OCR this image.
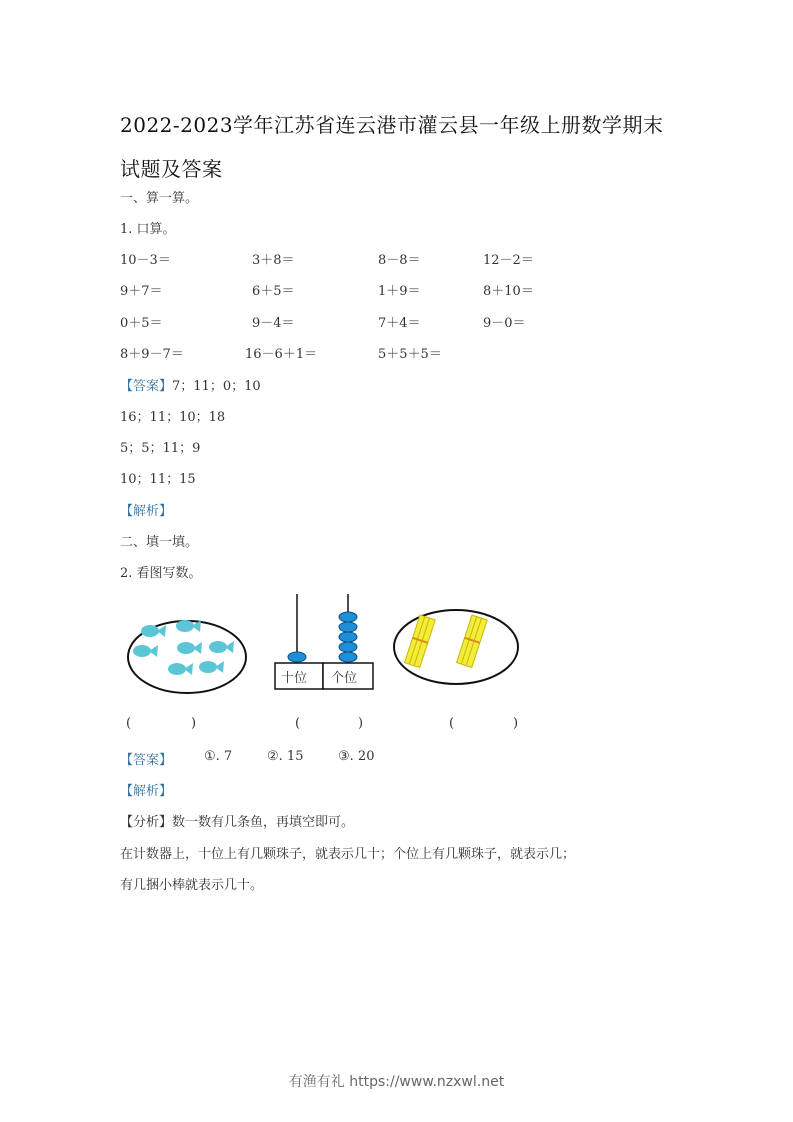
2022-2023学年江苏省连云港市灌云县一年级上册数学期末
试题及答案
一、算一算。
1. 口算。
10－3＝	3＋8＝	8－8＝	12－2＝
9＋7＝	6＋5＝	1＋9＝	8＋10＝
0＋5＝	9－4＝	7＋4＝	9－0＝
8＋9－7＝	16－6＋1＝	5＋5＋5＝
【答案】7；11；0；10
16；11；10；18
5；5；11；9
10；11；15
【解析】
二、填一填。
2. 看图写数。
十位 个位
(	)	(	)	(	)
【答案】 ①. 7	②. 15	③. 20
【解析】
【分析】数一数有几条鱼，再填空即可。
在计数器上，十位上有几颗珠子，就表示几十；个位上有几颗珠子，就表示几；
有几捆小棒就表示几十。
有渔有礼 https://www.nzxwl.net
